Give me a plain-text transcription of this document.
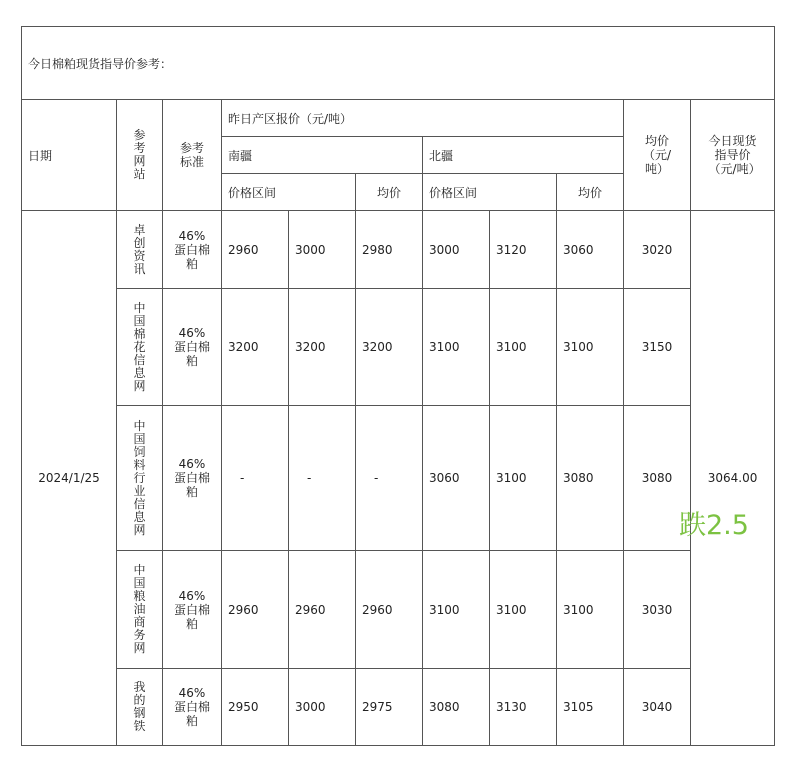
今日棉粕现货指导价参考：										
日期	参考网站	参考标准	昨日产区报价（元/吨）						均价（元/吨）	今日现货指导价（元/吨）
			南疆			北疆				
			价格区间		均价	价格区间		均价		
2024/1/25	卓创资讯	46%蛋白棉粕	2960	3000	2980	3000	3120	3060	3020	3064.00
	中国棉花信息网	46%蛋白棉粕	3200	3200	3200	3100	3100	3100	3150	
	中国饲料行业信息网	46%蛋白棉粕	-	-	-	3060	3100	3080	3080	
	中国粮油商务网	46%蛋白棉粕	2960	2960	2960	3100	3100	3100	3030	
	我的钢铁	46%蛋白棉粕	2950	3000	2975	3080	3130	3105	3040	
跌2.5
